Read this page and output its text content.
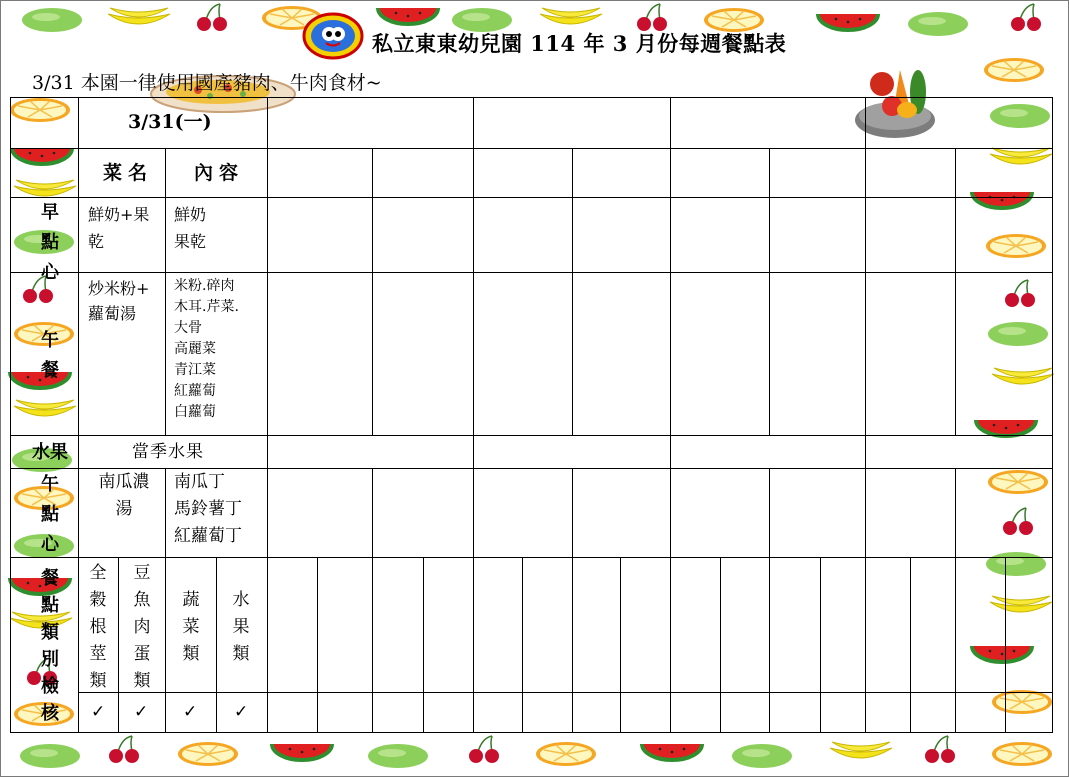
私立東東幼兒園 114 年 3 月份每週餐點表
3/31 本園一律使用國產豬肉、牛肉食材~
3/31(一)
菜名 內容
早
點
心
鮮奶+果
乾
鮮奶
果乾
午
餐
炒米粉+
蘿蔔湯
米粉.碎肉
木耳.芹菜.
大骨
高麗菜
青江菜
紅蘿蔔
白蘿蔔
水果	當季水果
午
點
心
南瓜濃
湯
南瓜丁
馬鈴薯丁
紅蘿蔔丁
餐
點
類
別
檢
核
全
穀
根
莖
類
豆
魚
肉
蛋
類
蔬
菜
類
水
果
類
✓ ✓ ✓ ✓
